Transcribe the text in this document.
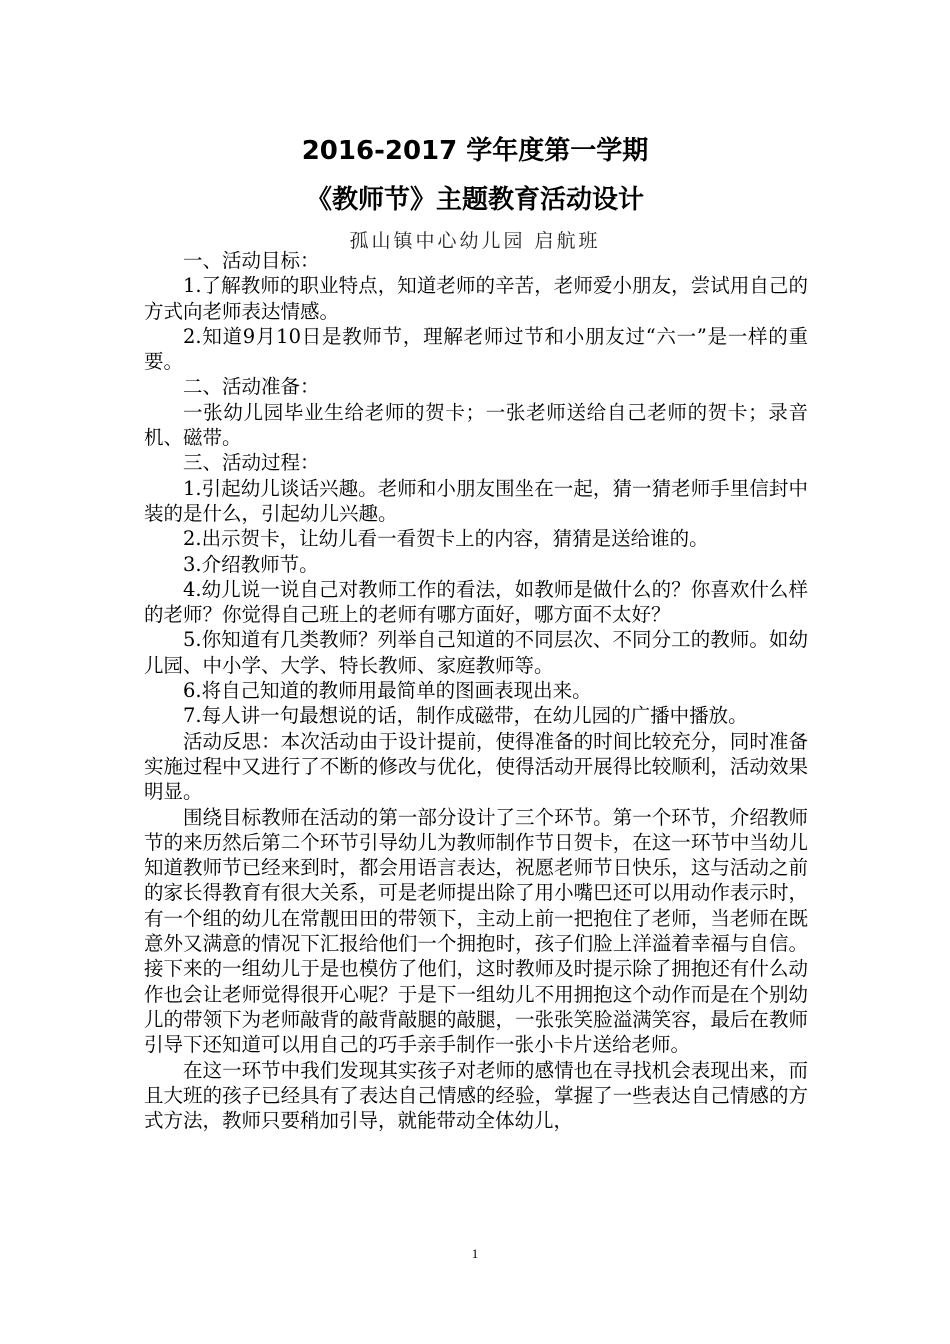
2016-2017 学年度第一学期
《教师节》主题教育活动设计
孤山镇中心幼儿园 启航班

一、活动目标：

1.了解教师的职业特点，知道老师的辛苦，老师爱小朋友，尝试用自己的方式向老师表达情感。

2.知道9月10日是教师节，理解老师过节和小朋友过“六一”是一样的重要。

二、活动准备：

一张幼儿园毕业生给老师的贺卡；一张老师送给自己老师的贺卡；录音机、磁带。

三、活动过程：

1.引起幼儿谈话兴趣。老师和小朋友围坐在一起，猜一猜老师手里信封中装的是什么，引起幼儿兴趣。

2.出示贺卡，让幼儿看一看贺卡上的内容，猜猜是送给谁的。

3.介绍教师节。

4.幼儿说一说自己对教师工作的看法，如教师是做什么的？你喜欢什么样的老师？你觉得自己班上的老师有哪方面好，哪方面不太好？

5.你知道有几类教师？列举自己知道的不同层次、不同分工的教师。如幼儿园、中小学、大学、特长教师、家庭教师等。

6.将自己知道的教师用最简单的图画表现出来。

7.每人讲一句最想说的话，制作成磁带，在幼儿园的广播中播放。

活动反思：本次活动由于设计提前，使得准备的时间比较充分，同时准备实施过程中又进行了不断的修改与优化，使得活动开展得比较顺利，活动效果明显。

围绕目标教师在活动的第一部分设计了三个环节。第一个环节，介绍教师节的来历然后第二个环节引导幼儿为教师制作节日贺卡，在这一环节中当幼儿知道教师节已经来到时，都会用语言表达，祝愿老师节日快乐，这与活动之前的家长得教育有很大关系，可是老师提出除了用小嘴巴还可以用动作表示时，有一个组的幼儿在常靓田田的带领下，主动上前一把抱住了老师，当老师在既意外又满意的情况下汇报给他们一个拥抱时，孩子们脸上洋溢着幸福与自信。接下来的一组幼儿于是也模仿了他们，这时教师及时提示除了拥抱还有什么动作也会让老师觉得很开心呢？于是下一组幼儿不用拥抱这个动作而是在个别幼儿的带领下为老师敲背的敲背敲腿的敲腿，一张张笑脸溢满笑容，最后在教师引导下还知道可以用自己的巧手亲手制作一张小卡片送给老师。

在这一环节中我们发现其实孩子对老师的感情也在寻找机会表现出来，而且大班的孩子已经具有了表达自己情感的经验，掌握了一些表达自己情感的方式方法，教师只要稍加引导，就能带动全体幼儿，

1
